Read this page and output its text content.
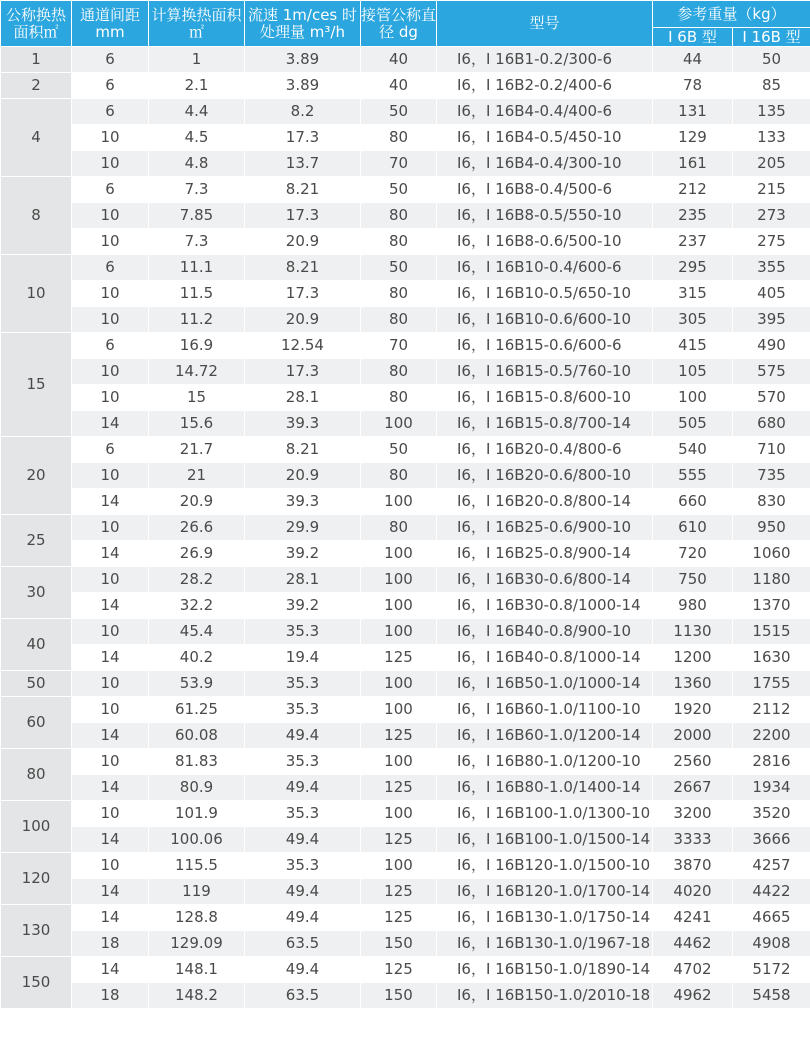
公称换热面积㎡	通道间距 mm	计算换热面积㎡	流速 1m/ces 时处理量 m³/h	接管公称直径 dg	型号	参考重量（kg）	
						I 6B 型	I 16B 型
1	6	1	3.89	40	I6，I 16B1-0.2/300-6	44	50
2	6	2.1	3.89	40	I6，I 16B2-0.2/400-6	78	85
4	6	4.4	8.2	50	I6，I 16B4-0.4/400-6	131	135
	10	4.5	17.3	80	I6，I 16B4-0.5/450-10	129	133
	10	4.8	13.7	70	I6，I 16B4-0.4/300-10	161	205
8	6	7.3	8.21	50	I6，I 16B8-0.4/500-6	212	215
	10	7.85	17.3	80	I6，I 16B8-0.5/550-10	235	273
	10	7.3	20.9	80	I6，I 16B8-0.6/500-10	237	275
10	6	11.1	8.21	50	I6，I 16B10-0.4/600-6	295	355
	10	11.5	17.3	80	I6，I 16B10-0.5/650-10	315	405
	10	11.2	20.9	80	I6，I 16B10-0.6/600-10	305	395
15	6	16.9	12.54	70	I6，I 16B15-0.6/600-6	415	490
	10	14.72	17.3	80	I6，I 16B15-0.5/760-10	105	575
	10	15	28.1	80	I6，I 16B15-0.8/600-10	100	570
	14	15.6	39.3	100	I6，I 16B15-0.8/700-14	505	680
20	6	21.7	8.21	50	I6，I 16B20-0.4/800-6	540	710
	10	21	20.9	80	I6，I 16B20-0.6/800-10	555	735
	14	20.9	39.3	100	I6，I 16B20-0.8/800-14	660	830
25	10	26.6	29.9	80	I6，I 16B25-0.6/900-10	610	950
	14	26.9	39.2	100	I6，I 16B25-0.8/900-14	720	1060
30	10	28.2	28.1	100	I6，I 16B30-0.6/800-14	750	1180
	14	32.2	39.2	100	I6，I 16B30-0.8/1000-14	980	1370
40	10	45.4	35.3	100	I6，I 16B40-0.8/900-10	1130	1515
	14	40.2	19.4	125	I6，I 16B40-0.8/1000-14	1200	1630
50	10	53.9	35.3	100	I6，I 16B50-1.0/1000-14	1360	1755
60	10	61.25	35.3	100	I6，I 16B60-1.0/1100-10	1920	2112
	14	60.08	49.4	125	I6，I 16B60-1.0/1200-14	2000	2200
80	10	81.83	35.3	100	I6，I 16B80-1.0/1200-10	2560	2816
	14	80.9	49.4	125	I6，I 16B80-1.0/1400-14	2667	1934
100	10	101.9	35.3	100	I6，I 16B100-1.0/1300-10	3200	3520
	14	100.06	49.4	125	I6，I 16B100-1.0/1500-14	3333	3666
120	10	115.5	35.3	100	I6，I 16B120-1.0/1500-10	3870	4257
	14	119	49.4	125	I6，I 16B120-1.0/1700-14	4020	4422
130	14	128.8	49.4	125	I6，I 16B130-1.0/1750-14	4241	4665
	18	129.09	63.5	150	I6，I 16B130-1.0/1967-18	4462	4908
150	14	148.1	49.4	125	I6，I 16B150-1.0/1890-14	4702	5172
	18	148.2	63.5	150	I6，I 16B150-1.0/2010-18	4962	5458
